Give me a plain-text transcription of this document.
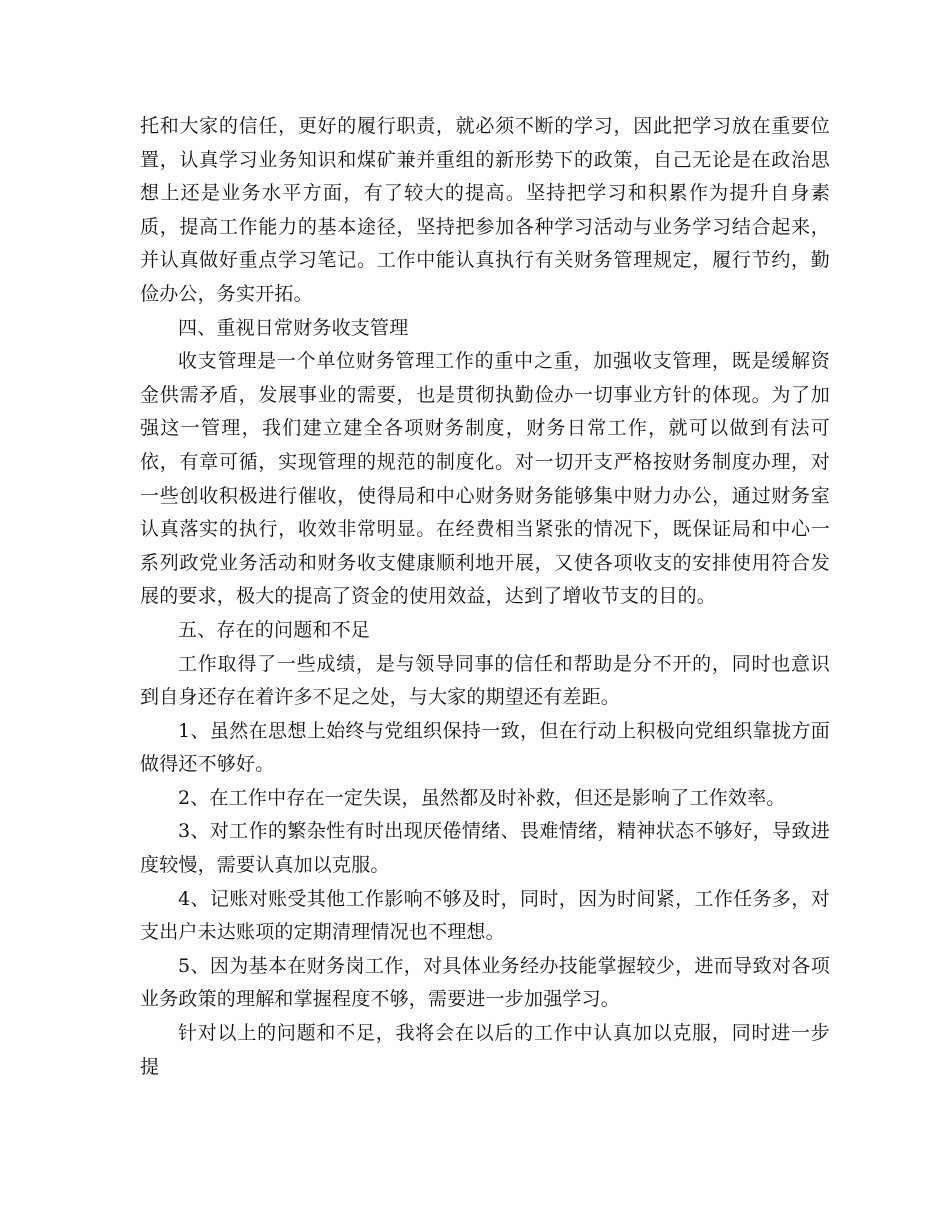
托和大家的信任，更好的履行职责，就必须不断的学习，因此把学习放在重要位置，认真学习业务知识和煤矿兼并重组的新形势下的政策，自己无论是在政治思想上还是业务水平方面，有了较大的提高。坚持把学习和积累作为提升自身素质，提高工作能力的基本途径，坚持把参加各种学习活动与业务学习结合起来，并认真做好重点学习笔记。工作中能认真执行有关财务管理规定，履行节约，勤俭办公，务实开拓。

四、重视日常财务收支管理

收支管理是一个单位财务管理工作的重中之重，加强收支管理，既是缓解资金供需矛盾，发展事业的需要，也是贯彻执勤俭办一切事业方针的体现。为了加强这一管理，我们建立建全各项财务制度，财务日常工作，就可以做到有法可依，有章可循，实现管理的规范的制度化。对一切开支严格按财务制度办理，对一些创收积极进行催收，使得局和中心财务财务能够集中财力办公，通过财务室认真落实的执行，收效非常明显。在经费相当紧张的情况下，既保证局和中心一系列政党业务活动和财务收支健康顺利地开展，又使各项收支的安排使用符合发展的要求，极大的提高了资金的使用效益，达到了增收节支的目的。

五、存在的问题和不足

工作取得了一些成绩，是与领导同事的信任和帮助是分不开的，同时也意识到自身还存在着许多不足之处，与大家的期望还有差距。

1、虽然在思想上始终与党组织保持一致，但在行动上积极向党组织靠拢方面做得还不够好。

2、在工作中存在一定失误，虽然都及时补救，但还是影响了工作效率。

3、对工作的繁杂性有时出现厌倦情绪、畏难情绪，精神状态不够好，导致进度较慢，需要认真加以克服。

4、记账对账受其他工作影响不够及时，同时，因为时间紧，工作任务多，对支出户未达账项的定期清理情况也不理想。

5、因为基本在财务岗工作，对具体业务经办技能掌握较少，进而导致对各项业务政策的理解和掌握程度不够，需要进一步加强学习。

针对以上的问题和不足，我将会在以后的工作中认真加以克服，同时进一步提
